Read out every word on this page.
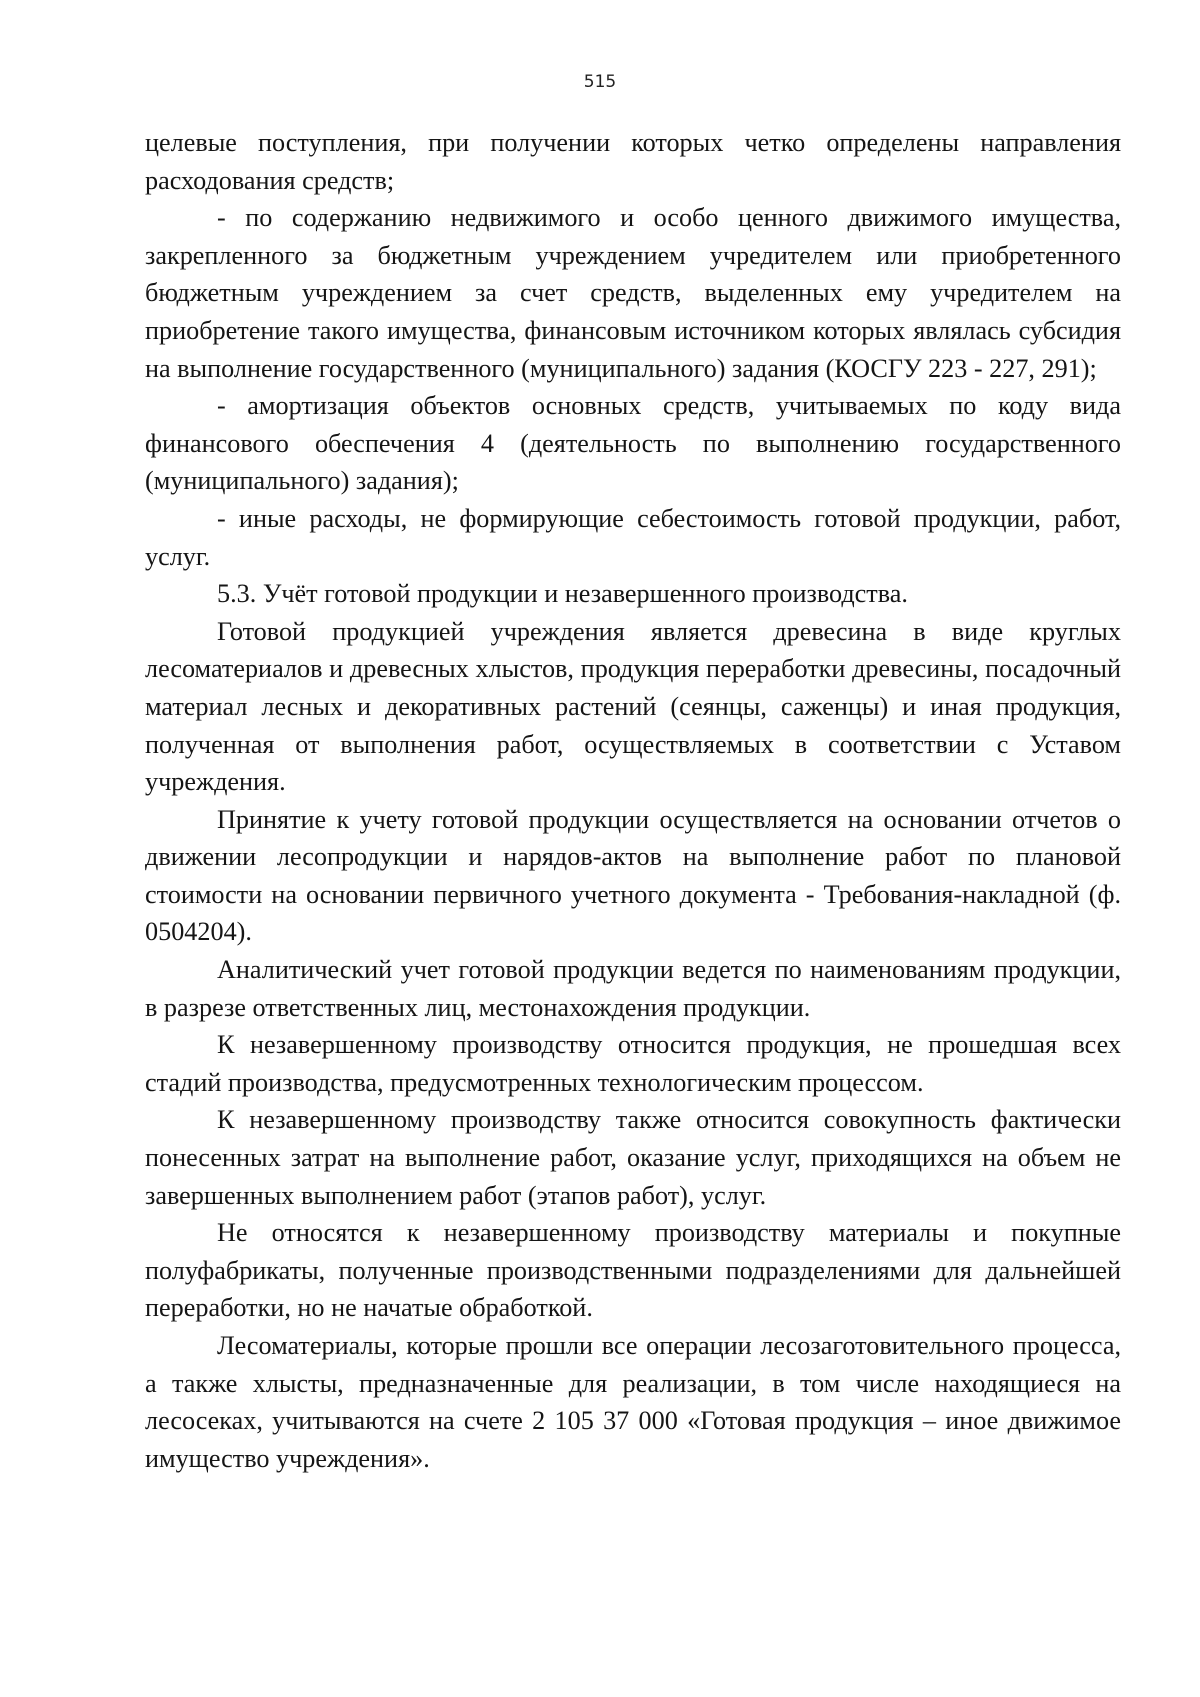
515

целевые поступления, при получении которых четко определены направления расходования средств;

- по содержанию недвижимого и особо ценного движимого имущества, закрепленного за бюджетным учреждением учредителем или приобретенного бюджетным учреждением за счет средств, выделенных ему учредителем на приобретение такого имущества, финансовым источником которых являлась субсидия на выполнение государственного (муниципального) задания (КОСГУ 223 - 227, 291);

- амортизация объектов основных средств, учитываемых по коду вида финансового обеспечения 4 (деятельность по выполнению государственного (муниципального) задания);

- иные расходы, не формирующие себестоимость готовой продукции, работ, услуг.

5.3. Учёт готовой продукции и незавершенного производства.

Готовой продукцией учреждения является древесина в виде круглых лесоматериалов и древесных хлыстов, продукция переработки древесины, посадочный материал лесных и декоративных растений (сеянцы, саженцы) и иная продукция, полученная от выполнения работ, осуществляемых в соответствии с Уставом учреждения.

Принятие к учету готовой продукции осуществляется на основании отчетов о движении лесопродукции и нарядов-актов на выполнение работ по плановой стоимости на основании первичного учетного документа - Требования-накладной (ф. 0504204).

Аналитический учет готовой продукции ведется по наименованиям продукции, в разрезе ответственных лиц, местонахождения продукции.

К незавершенному производству относится продукция, не прошедшая всех стадий производства, предусмотренных технологическим процессом.

К незавершенному производству также относится совокупность фактически понесенных затрат на выполнение работ, оказание услуг, приходящихся на объем не завершенных выполнением работ (этапов работ), услуг.

Не относятся к незавершенному производству материалы и покупные полуфабрикаты, полученные производственными подразделениями для дальнейшей переработки, но не начатые обработкой.

Лесоматериалы, которые прошли все операции лесозаготовительного процесса, а также хлысты, предназначенные для реализации, в том числе находящиеся на лесосеках, учитываются на счете 2 105 37 000 «Готовая продукция – иное движимое имущество учреждения».
